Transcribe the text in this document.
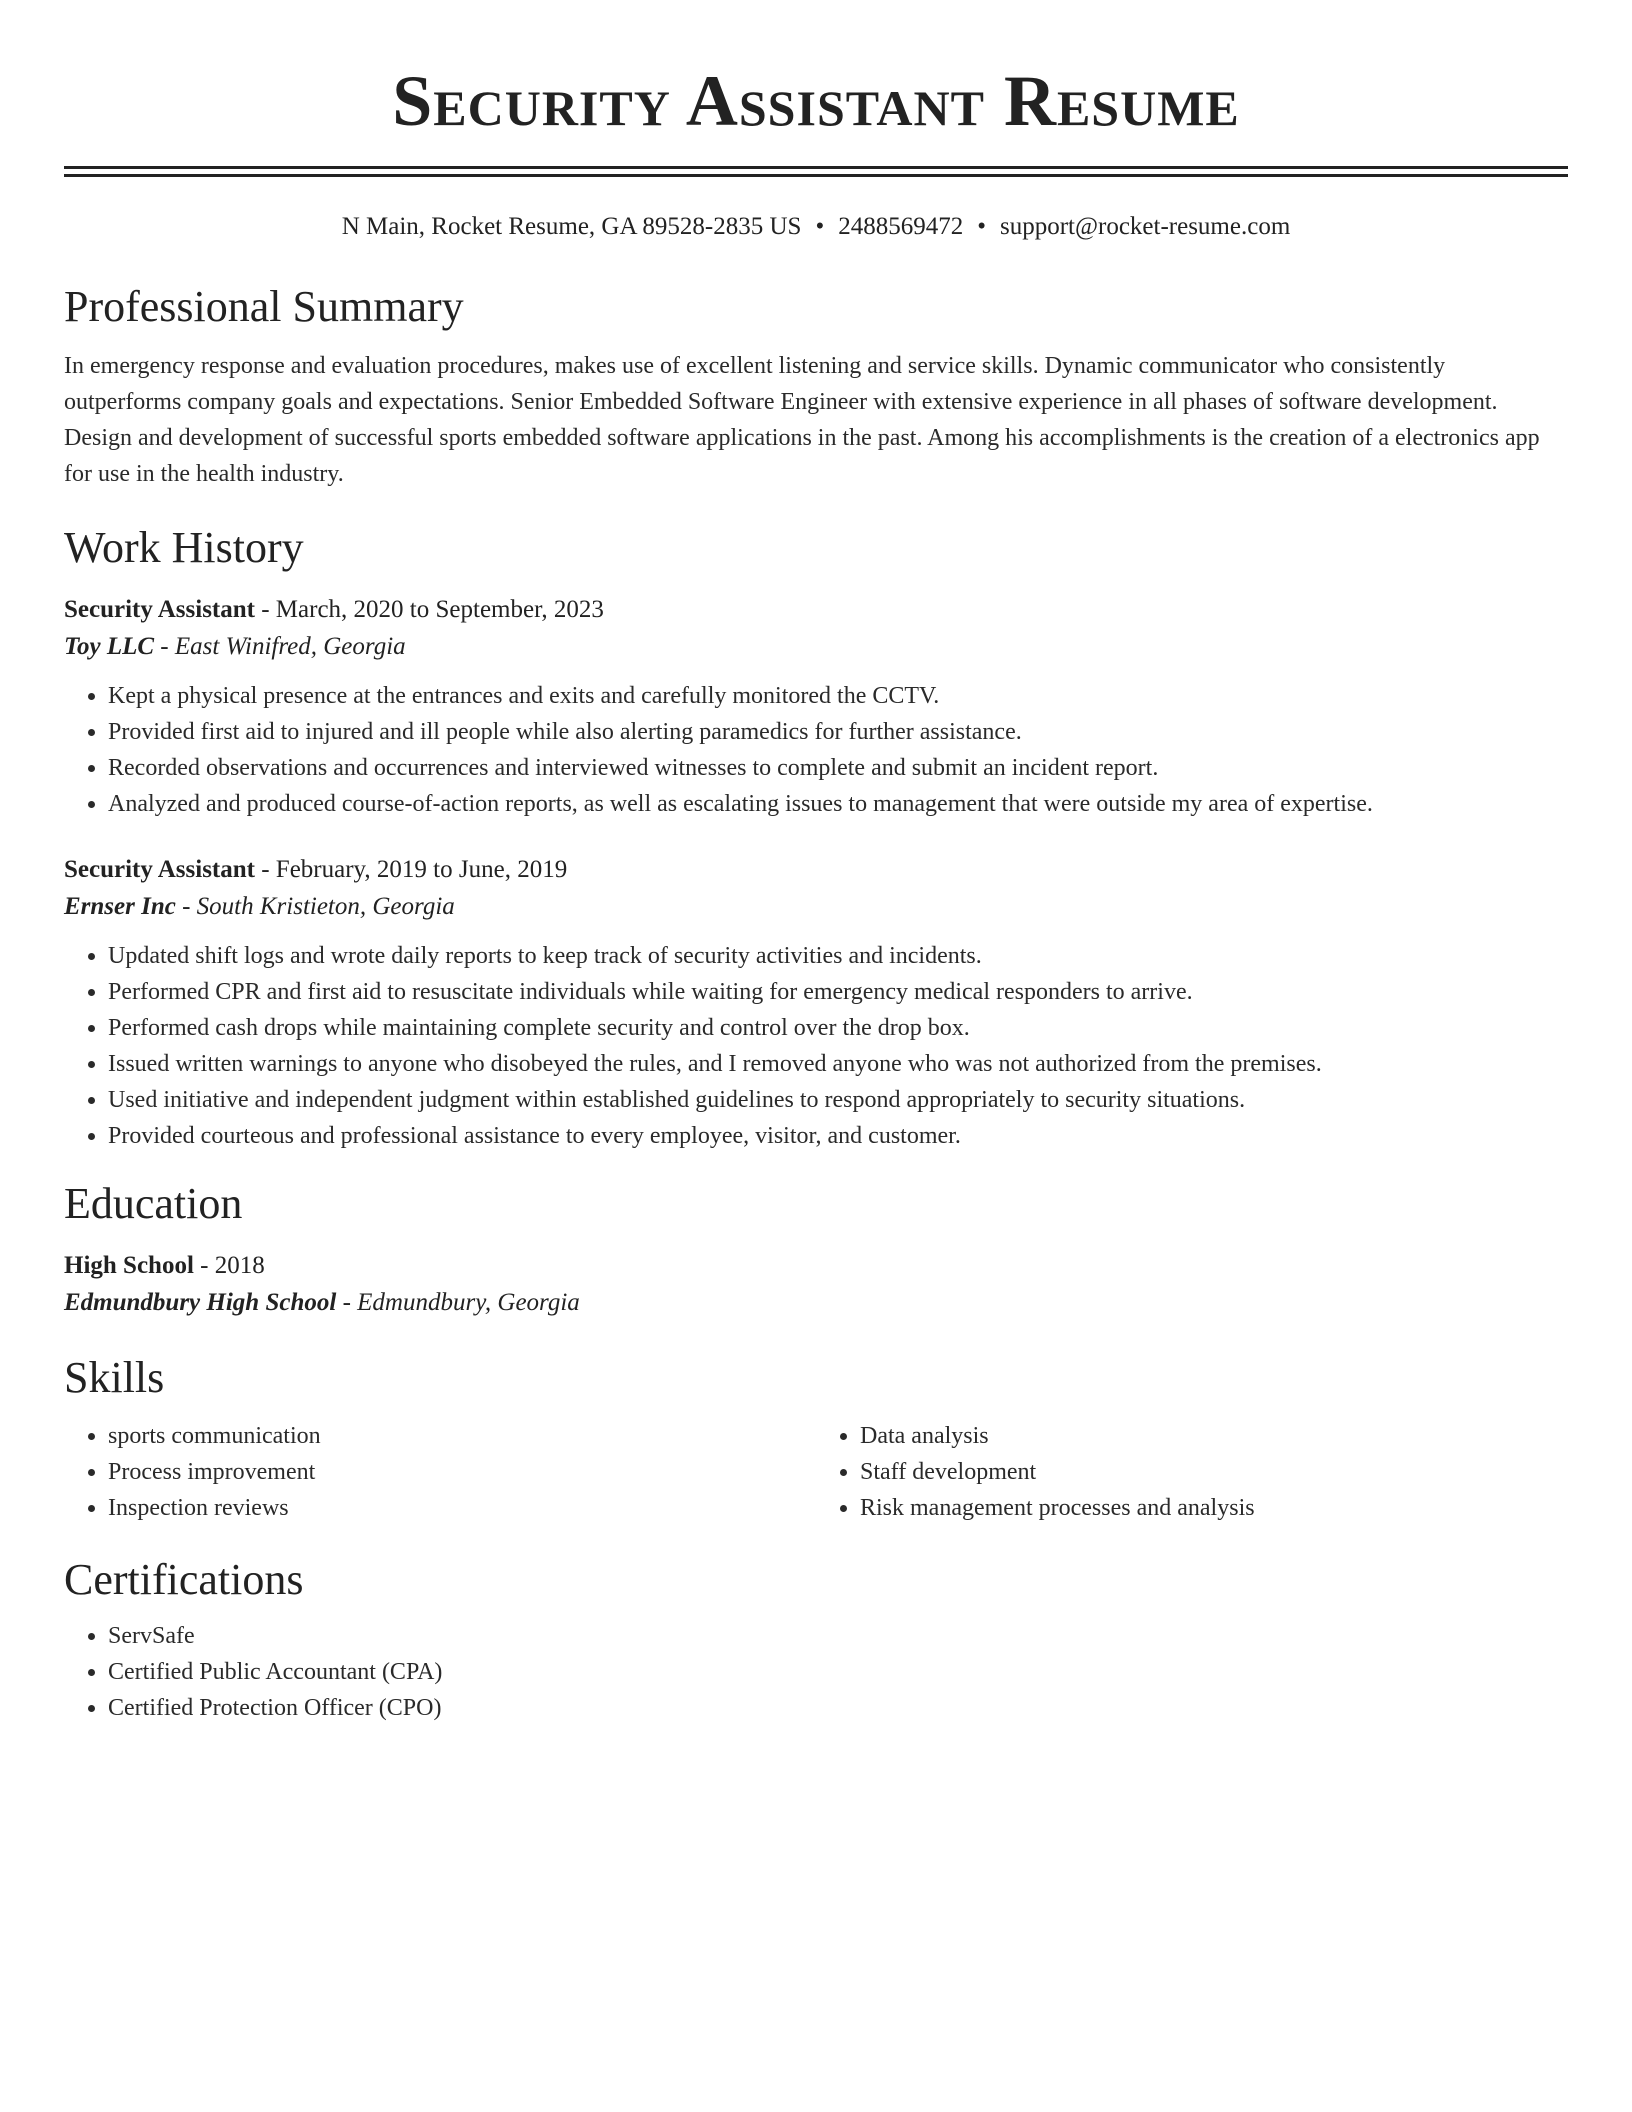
Security Assistant Resume
N Main, Rocket Resume, GA 89528-2835 US • 2488569472 • support@rocket-resume.com
Professional Summary
In emergency response and evaluation procedures, makes use of excellent listening and service skills. Dynamic communicator who consistently outperforms company goals and expectations. Senior Embedded Software Engineer with extensive experience in all phases of software development. Design and development of successful sports embedded software applications in the past. Among his accomplishments is the creation of a electronics app for use in the health industry.
Work History
Security Assistant - March, 2020 to September, 2023
Toy LLC - East Winifred, Georgia
• Kept a physical presence at the entrances and exits and carefully monitored the CCTV.
• Provided first aid to injured and ill people while also alerting paramedics for further assistance.
• Recorded observations and occurrences and interviewed witnesses to complete and submit an incident report.
• Analyzed and produced course-of-action reports, as well as escalating issues to management that were outside my area of expertise.
Security Assistant - February, 2019 to June, 2019
Ernser Inc - South Kristieton, Georgia
• Updated shift logs and wrote daily reports to keep track of security activities and incidents.
• Performed CPR and first aid to resuscitate individuals while waiting for emergency medical responders to arrive.
• Performed cash drops while maintaining complete security and control over the drop box.
• Issued written warnings to anyone who disobeyed the rules, and I removed anyone who was not authorized from the premises.
• Used initiative and independent judgment within established guidelines to respond appropriately to security situations.
• Provided courteous and professional assistance to every employee, visitor, and customer.
Education
High School - 2018
Edmundbury High School - Edmundbury, Georgia
Skills
• sports communication
• Process improvement
• Inspection reviews
• Data analysis
• Staff development
• Risk management processes and analysis
Certifications
• ServSafe
• Certified Public Accountant (CPA)
• Certified Protection Officer (CPO)
